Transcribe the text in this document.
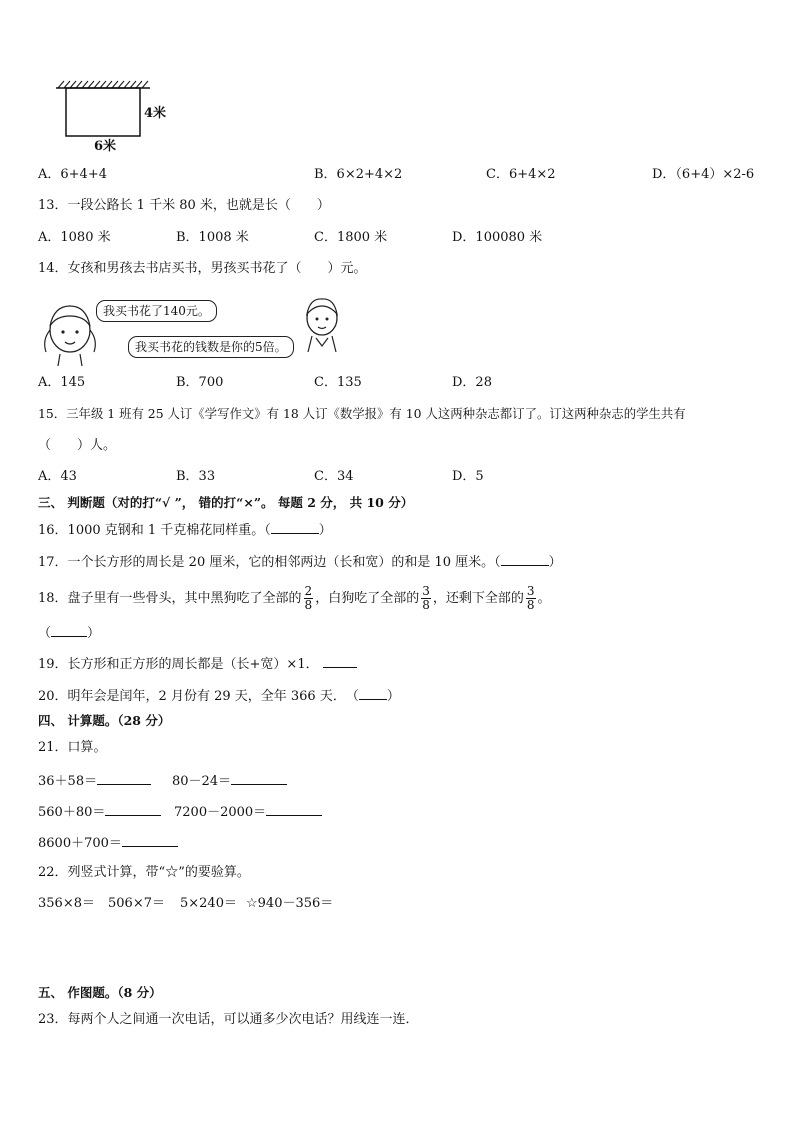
4米
6米
A．6+4+4	B．6×2+4×2	C．6+4×2	D．（6+4）×2-6
13．一段公路长 1 千米 80 米，也就是长（　　）
A．1080 米	B．1008 米	C．1800 米	D．100080 米
14．女孩和男孩去书店买书，男孩买书花了（　　）元。
我买书花了140元。
我买书花的钱数是你的5倍。
A．145	B．700	C．135	D．28
15．三年级 1 班有 25 人订《学写作文》有 18 人订《数学报》有 10 人这两种杂志都订了。订这两种杂志的学生共有
（　　）人。
A．43	B．33	C．34	D．5
三、 判断题（对的打“√ ”， 错的打“×”。 每题 2 分， 共 10 分）
16．1000 克钢和 1 千克棉花同样重。（	）
17．一个长方形的周长是 20 厘米，它的相邻两边（长和宽）的和是 10 厘米。（	）
18．盘子里有一些骨头，其中黑狗吃了全部的 $\frac{2}{8}$ ，白狗吃了全部的 $\frac{3}{8}$ ，还剩下全部的 $\frac{3}{8}$ 。
（	）
19．长方形和正方形的周长都是（长+宽）×1．
20．明年会是闰年，2 月份有 29 天，全年 366 天．　（ ）
四、 计算题。（28 分）
21．口算。
36＋58＝	80－24＝
560＋80＝	7200－2000＝
8600＋700＝
22．列竖式计算，带“☆”的要验算。
356×8＝ 506×7＝ 5×240＝ ☆940－356＝
五、 作图题。（8 分）
23．每两个人之间通一次电话，可以通多少次电话？用线连一连．
